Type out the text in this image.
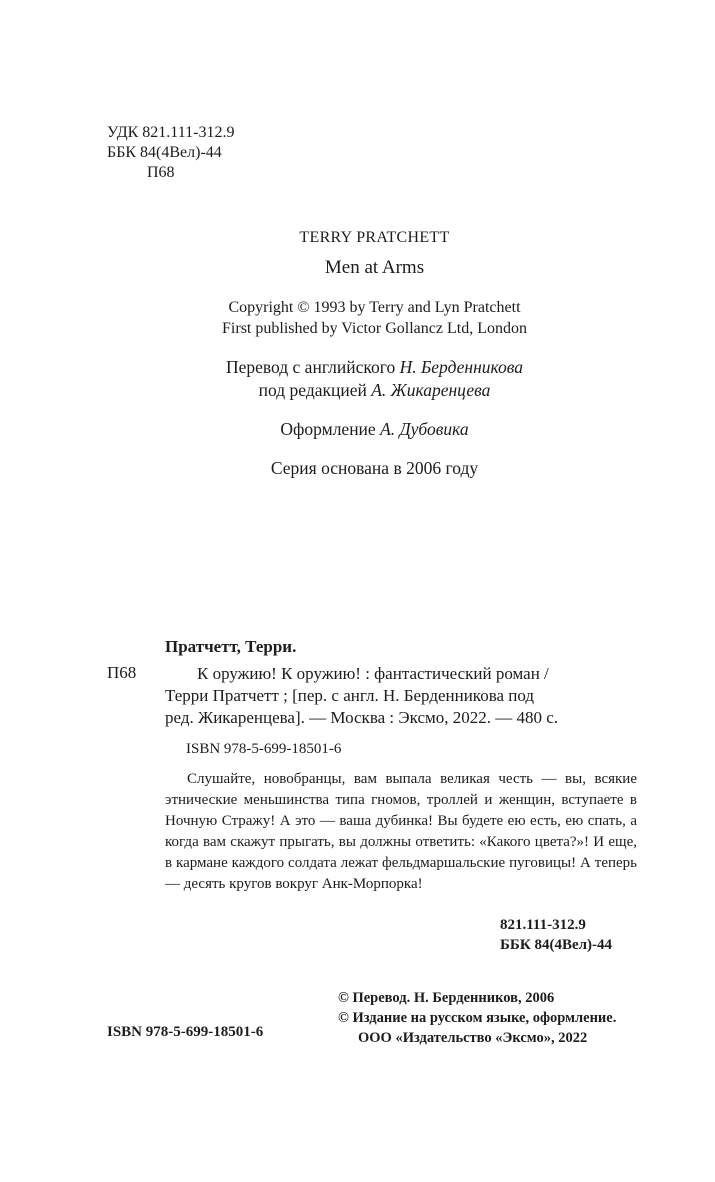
УДК 821.111-312.9
ББК 84(4Вел)-44
П68
TERRY PRATCHETT
Men at Arms
Copyright © 1993 by Terry and Lyn Pratchett
First published by Victor Gollancz Ltd, London
Перевод с английского Н. Берденникова
под редакцией А. Жикаренцева
Оформление А. Дубовика
Серия основана в 2006 году
Пратчетт, Терри.
П68	К оружию! К оружию! : фантастический роман /
Терри Пратчетт ; [пер. с англ. Н. Берденникова под
ред. Жикаренцева]. — Москва : Эксмо, 2022. — 480 с.
ISBN 978-5-699-18501-6
Слушайте, новобранцы, вам выпала великая честь — вы, всякие этнические меньшинства типа гномов, троллей и женщин, вступаете в Ночную Стражу! А это — ваша дубинка! Вы будете ею есть, ею спать, а когда вам скажут прыгать, вы должны ответить: «Какого цвета?»! И еще, в кармане каждого солдата лежат фельдмаршальские пуговицы! А теперь — десять кругов вокруг Анк-Морпорка!
821.111-312.9
ББК 84(4Вел)-44
© Перевод. Н. Берденников, 2006
© Издание на русском языке, оформление.
ООО «Издательство «Эксмо», 2022
ISBN 978-5-699-18501-6
